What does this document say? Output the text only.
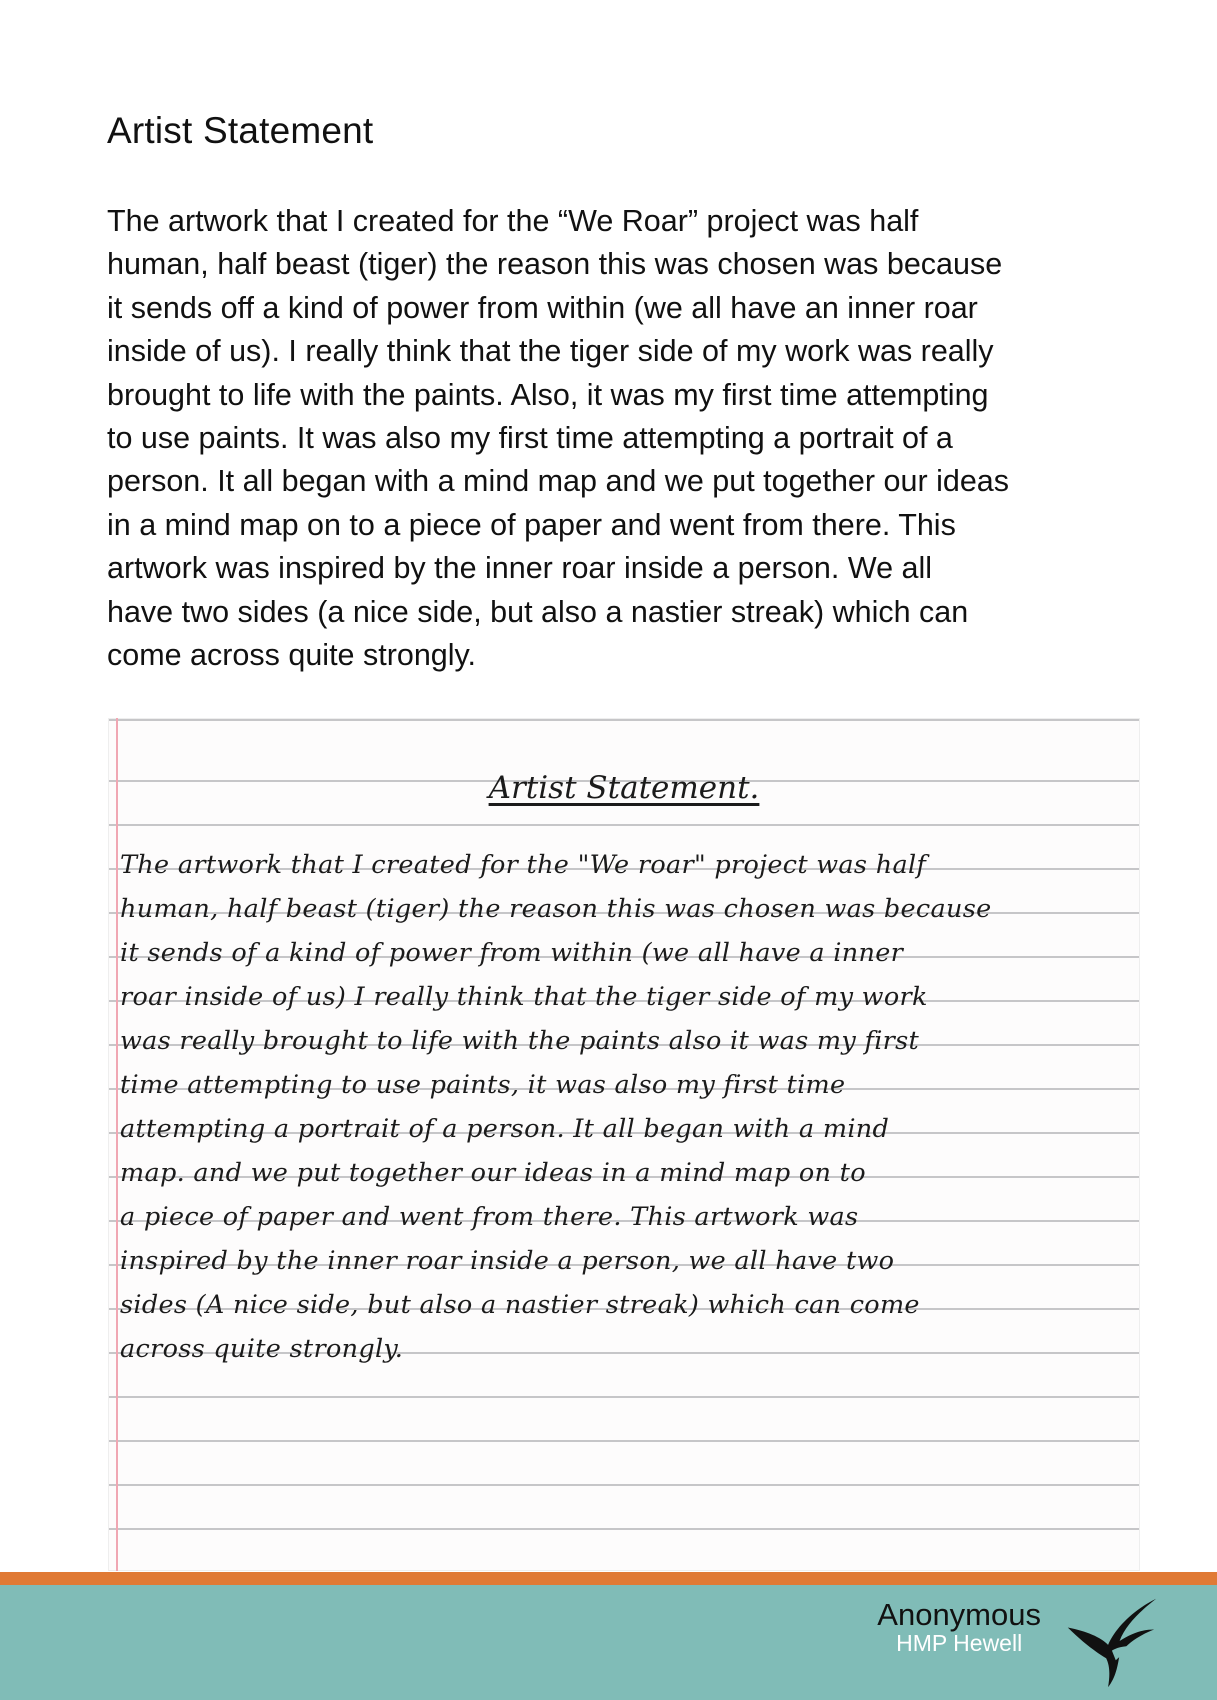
Artist Statement
The artwork that I created for the “We Roar” project was half
human, half beast (tiger) the reason this was chosen was because
it sends off a kind of power from within (we all have an inner roar
inside of us). I really think that the tiger side of my work was really
brought to life with the paints. Also, it was my first time attempting
to use paints. It was also my first time attempting a portrait of a
person. It all began with a mind map and we put together our ideas
in a mind map on to a piece of paper and went from there. This
artwork was inspired by the inner roar inside a person. We all
have two sides (a nice side, but also a nastier streak) which can
come across quite strongly.
Artist Statement.
The artwork that I created for the "We roar" project was half
human, half beast (tiger) the reason this was chosen was because
it sends of a kind of power from within (we all have a inner
roar inside of us) I really think that the tiger side of my work
was really brought to life with the paints also it was my first
time attempting to use paints, it was also my first time
attempting a portrait of a person. It all began with a mind
map. and we put together our ideas in a mind map on to
a piece of paper and went from there. This artwork was
inspired by the inner roar inside a person, we all have two
sides (A nice side, but also a nastier streak) which can come
across quite strongly.
Anonymous
HMP Hewell
